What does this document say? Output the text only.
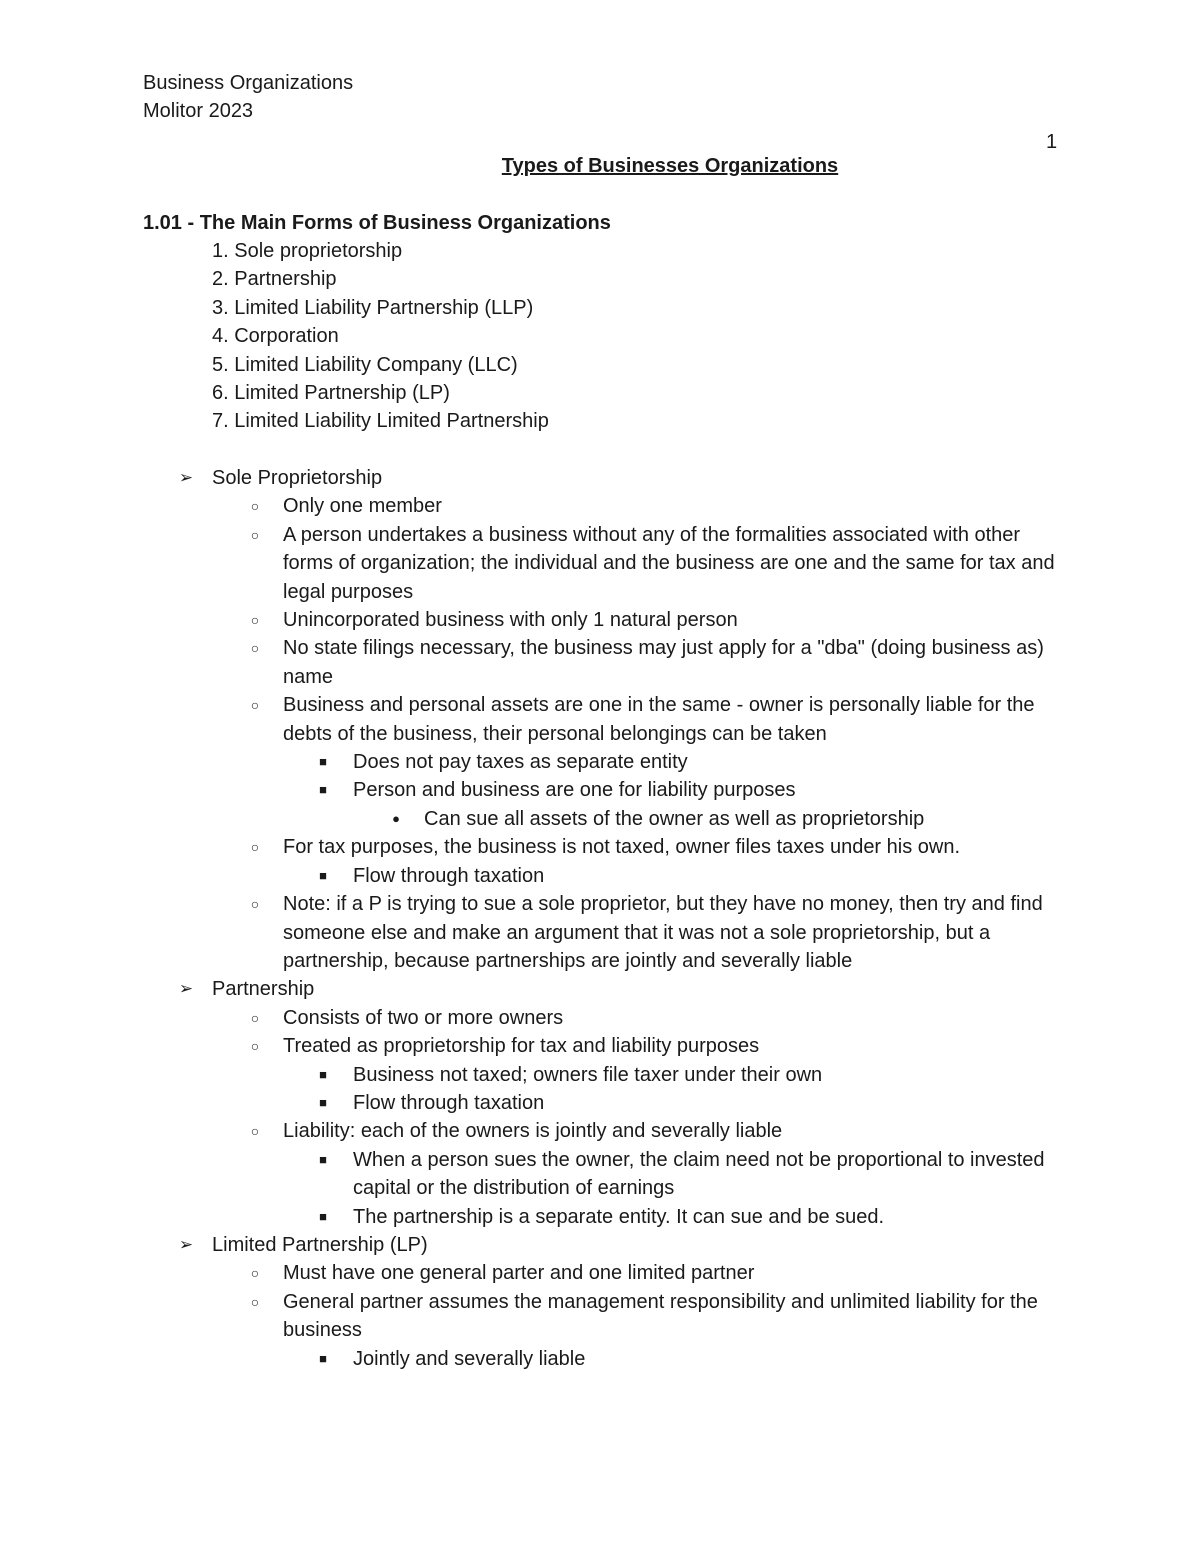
Business Organizations
Molitor 2023
1
Types of Businesses Organizations
1.01 - The Main Forms of Business Organizations
1. Sole proprietorship
2. Partnership
3. Limited Liability Partnership (LLP)
4. Corporation
5. Limited Liability Company (LLC)
6. Limited Partnership (LP)
7. Limited Liability Limited Partnership
➢ Sole Proprietorship
○	Only one member
○	A person undertakes a business without any of the formalities associated with other forms of organization; the individual and the business are one and the same for tax and legal purposes
○	Unincorporated business with only 1 natural person
○	No state filings necessary, the business may just apply for a "dba" (doing business as) name
○	Business and personal assets are one in the same - owner is personally liable for the debts of the business, their personal belongings can be taken
■	Does not pay taxes as separate entity
■	Person and business are one for liability purposes
●	Can sue all assets of the owner as well as proprietorship
○	For tax purposes, the business is not taxed, owner files taxes under his own.
■	Flow through taxation
○	Note: if a P is trying to sue a sole proprietor, but they have no money, then try and find someone else and make an argument that it was not a sole proprietorship, but a partnership, because partnerships are jointly and severally liable
➢ Partnership
○	Consists of two or more owners
○	Treated as proprietorship for tax and liability purposes
■	Business not taxed; owners file taxer under their own
■	Flow through taxation
○	Liability: each of the owners is jointly and severally liable
■	When a person sues the owner, the claim need not be proportional to invested capital or the distribution of earnings
■	The partnership is a separate entity. It can sue and be sued.
➢ Limited Partnership (LP)
○	Must have one general parter and one limited partner
○	General partner assumes the management responsibility and unlimited liability for the business
■	Jointly and severally liable
